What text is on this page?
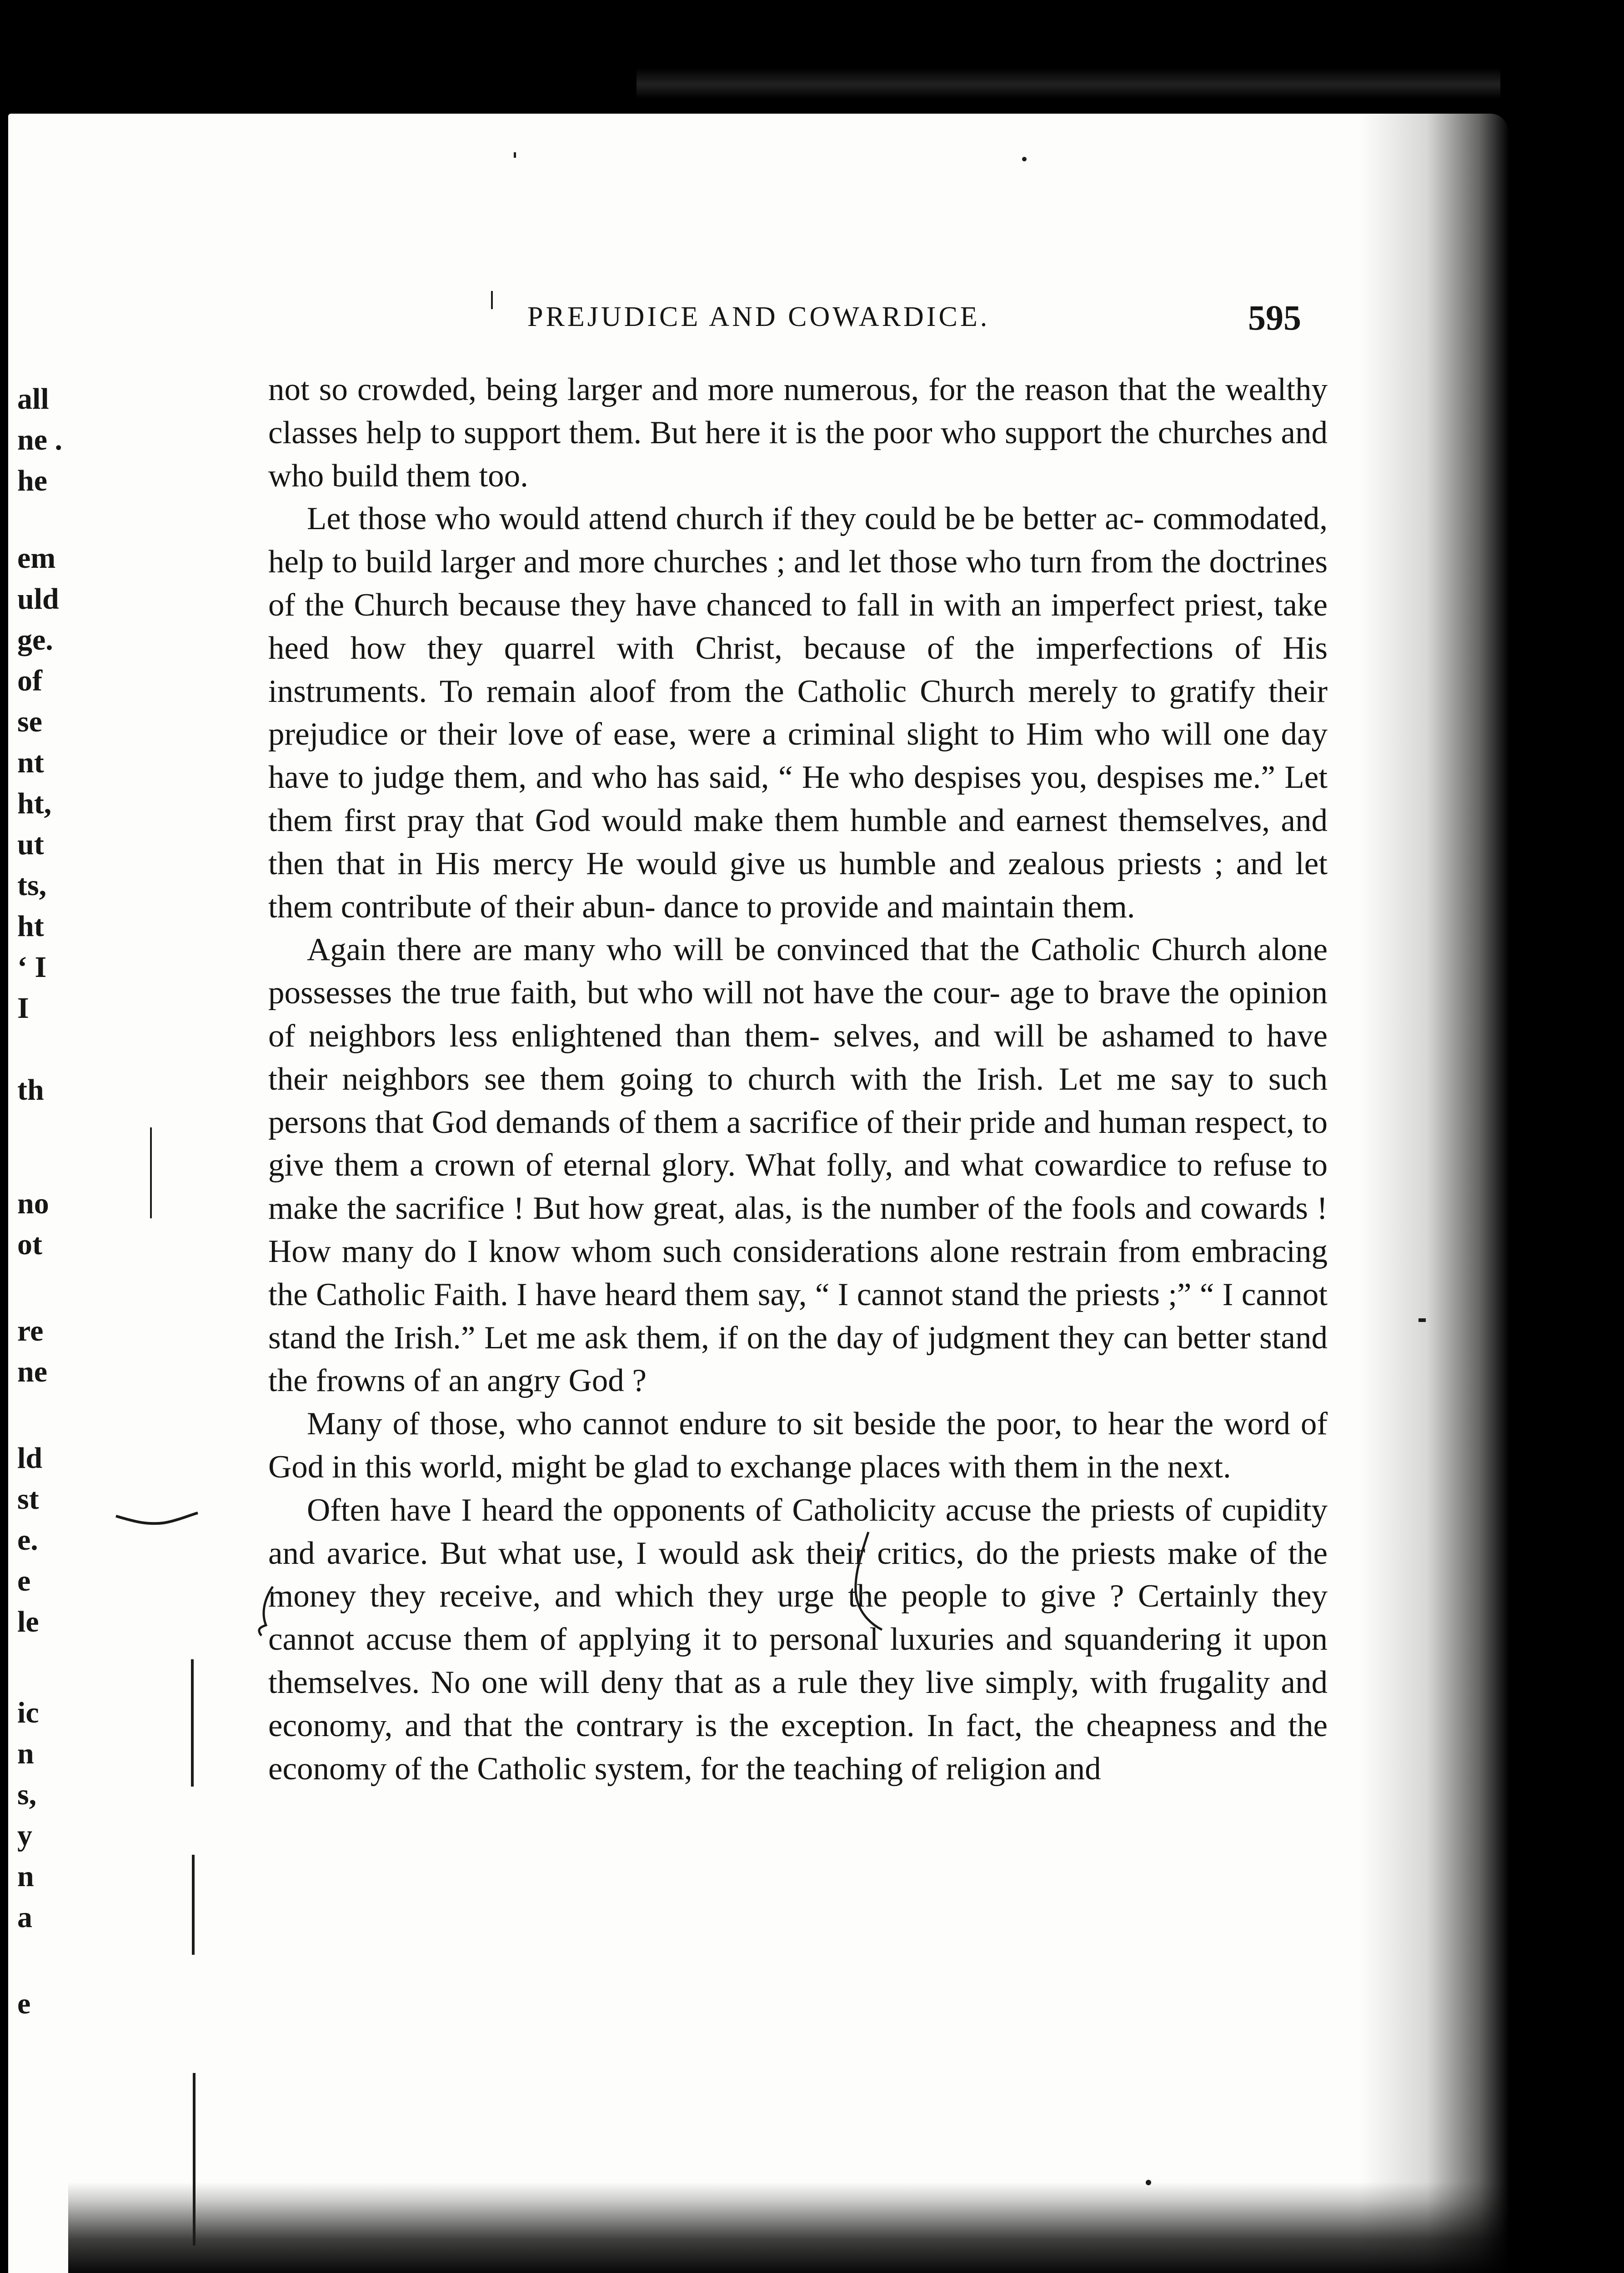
all
ne .
he
em
uld
ge.
of
se
nt
ht,
ut
ts,
ht
‘ I
I
th
no
ot
re
ne
ld
st
e.
e
le
ic
n
s,
y
n
a
e
PREJUDICE AND COWARDICE.	595

not so crowded, being larger and more numerous, for the reason that the wealthy classes help to support them. But here it is the poor who support the churches and who build them too.

Let those who would attend church if they could be be better ac- commodated, help to build larger and more churches ; and let those who turn from the doctrines of the Church because they have chanced to fall in with an imperfect priest, take heed how they quarrel with Christ, because of the imperfections of His instruments. To remain aloof from the Catholic Church merely to gratify their prejudice or their love of ease, were a criminal slight to Him who will one day have to judge them, and who has said, “ He who despises you, despises me.” Let them first pray that God would make them humble and earnest themselves, and then that in His mercy He would give us humble and zealous priests ; and let them contribute of their abun- dance to provide and maintain them.

Again there are many who will be convinced that the Catholic Church alone possesses the true faith, but who will not have the cour- age to brave the opinion of neighbors less enlightened than them- selves, and will be ashamed to have their neighbors see them going to church with the Irish. Let me say to such persons that God demands of them a sacrifice of their pride and human respect, to give them a crown of eternal glory. What folly, and what cowardice to refuse to make the sacrifice ! But how great, alas, is the number of the fools and cowards ! How many do I know whom such considerations alone restrain from embracing the Catholic Faith. I have heard them say, “ I cannot stand the priests ;” “ I cannot stand the Irish.” Let me ask them, if on the day of judgment they can better stand the frowns of an angry God ?

Many of those, who cannot endure to sit beside the poor, to hear the word of God in this world, might be glad to exchange places with them in the next.

Often have I heard the opponents of Catholicity accuse the priests of cupidity and avarice. But what use, I would ask their critics, do the priests make of the money they receive, and which they urge the people to give ? Certainly they cannot accuse them of applying it to personal luxuries and squandering it upon themselves. No one will deny that as a rule they live simply, with frugality and economy, and that the contrary is the exception. In fact, the cheapness and the economy of the Catholic system, for the teaching of religion and
